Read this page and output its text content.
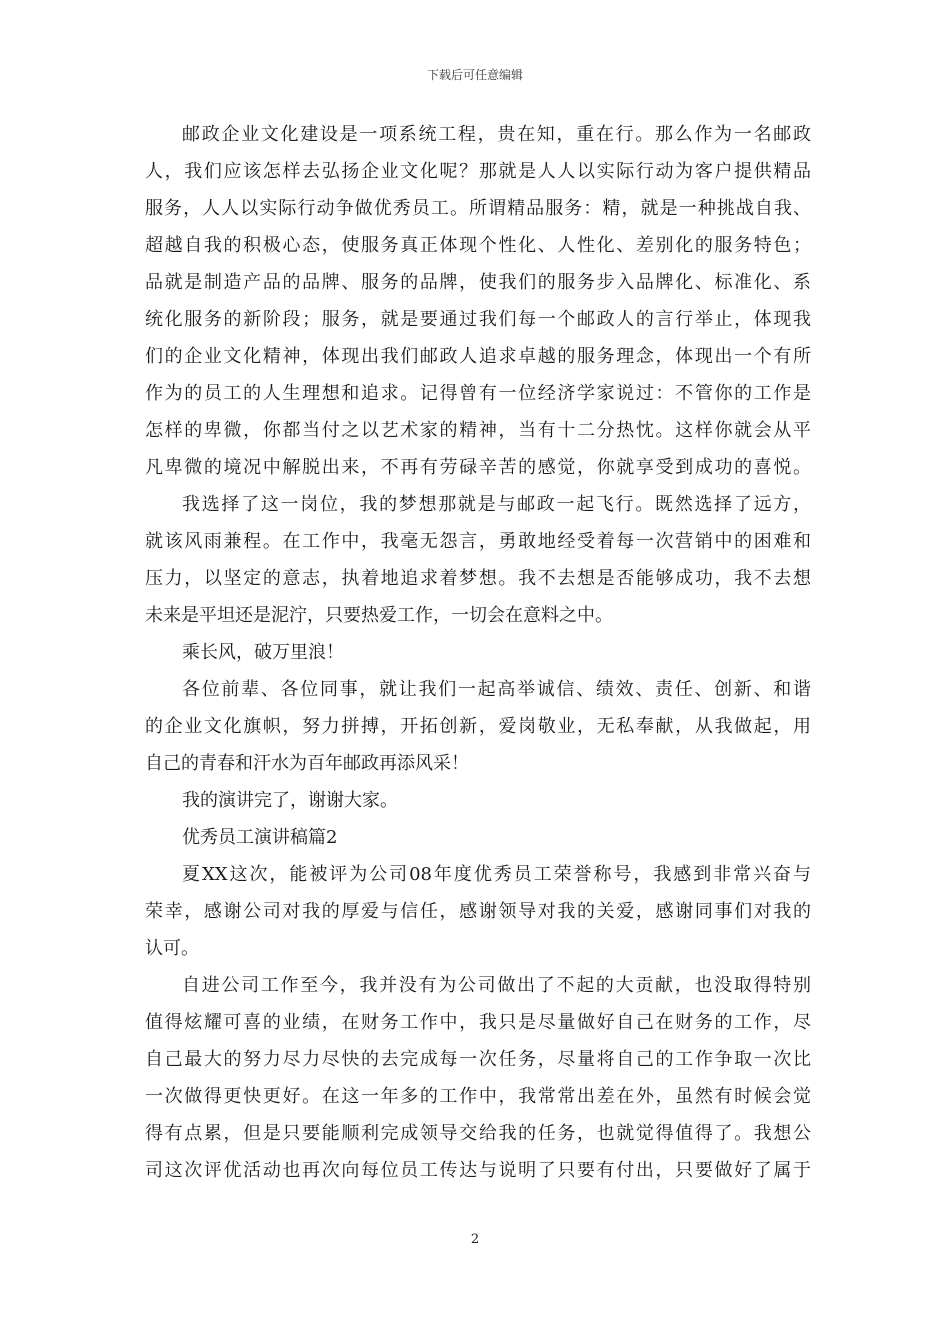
下载后可任意编辑
邮政企业文化建设是一项系统工程，贵在知，重在行。那么作为一名邮政
人，我们应该怎样去弘扬企业文化呢？那就是人人以实际行动为客户提供精品
服务，人人以实际行动争做优秀员工。所谓精品服务：精，就是一种挑战自我、
超越自我的积极心态，使服务真正体现个性化、人性化、差别化的服务特色；
品就是制造产品的品牌、服务的品牌，使我们的服务步入品牌化、标准化、系
统化服务的新阶段；服务，就是要通过我们每一个邮政人的言行举止，体现我
们的企业文化精神，体现出我们邮政人追求卓越的服务理念，体现出一个有所
作为的员工的人生理想和追求。记得曾有一位经济学家说过：不管你的工作是
怎样的卑微，你都当付之以艺术家的精神，当有十二分热忱。这样你就会从平
凡卑微的境况中解脱出来，不再有劳碌辛苦的感觉，你就享受到成功的喜悦。
我选择了这一岗位，我的梦想那就是与邮政一起飞行。既然选择了远方，
就该风雨兼程。在工作中，我毫无怨言，勇敢地经受着每一次营销中的困难和
压力，以坚定的意志，执着地追求着梦想。我不去想是否能够成功，我不去想
未来是平坦还是泥泞，只要热爱工作，一切会在意料之中。
乘长风，破万里浪！
各位前辈、各位同事，就让我们一起高举诚信、绩效、责任、创新、和谐
的企业文化旗帜，努力拼搏，开拓创新，爱岗敬业，无私奉献，从我做起，用
自己的青春和汗水为百年邮政再添风采！
我的演讲完了，谢谢大家。
优秀员工演讲稿篇2
夏XX这次，能被评为公司08年度优秀员工荣誉称号，我感到非常兴奋与
荣幸，感谢公司对我的厚爱与信任，感谢领导对我的关爱，感谢同事们对我的
认可。
自进公司工作至今，我并没有为公司做出了不起的大贡献，也没取得特别
值得炫耀可喜的业绩，在财务工作中，我只是尽量做好自己在财务的工作，尽
自己最大的努力尽力尽快的去完成每一次任务，尽量将自己的工作争取一次比
一次做得更快更好。在这一年多的工作中，我常常出差在外，虽然有时候会觉
得有点累，但是只要能顺利完成领导交给我的任务，也就觉得值得了。我想公
司这次评优活动也再次向每位员工传达与说明了只要有付出，只要做好了属于
2
